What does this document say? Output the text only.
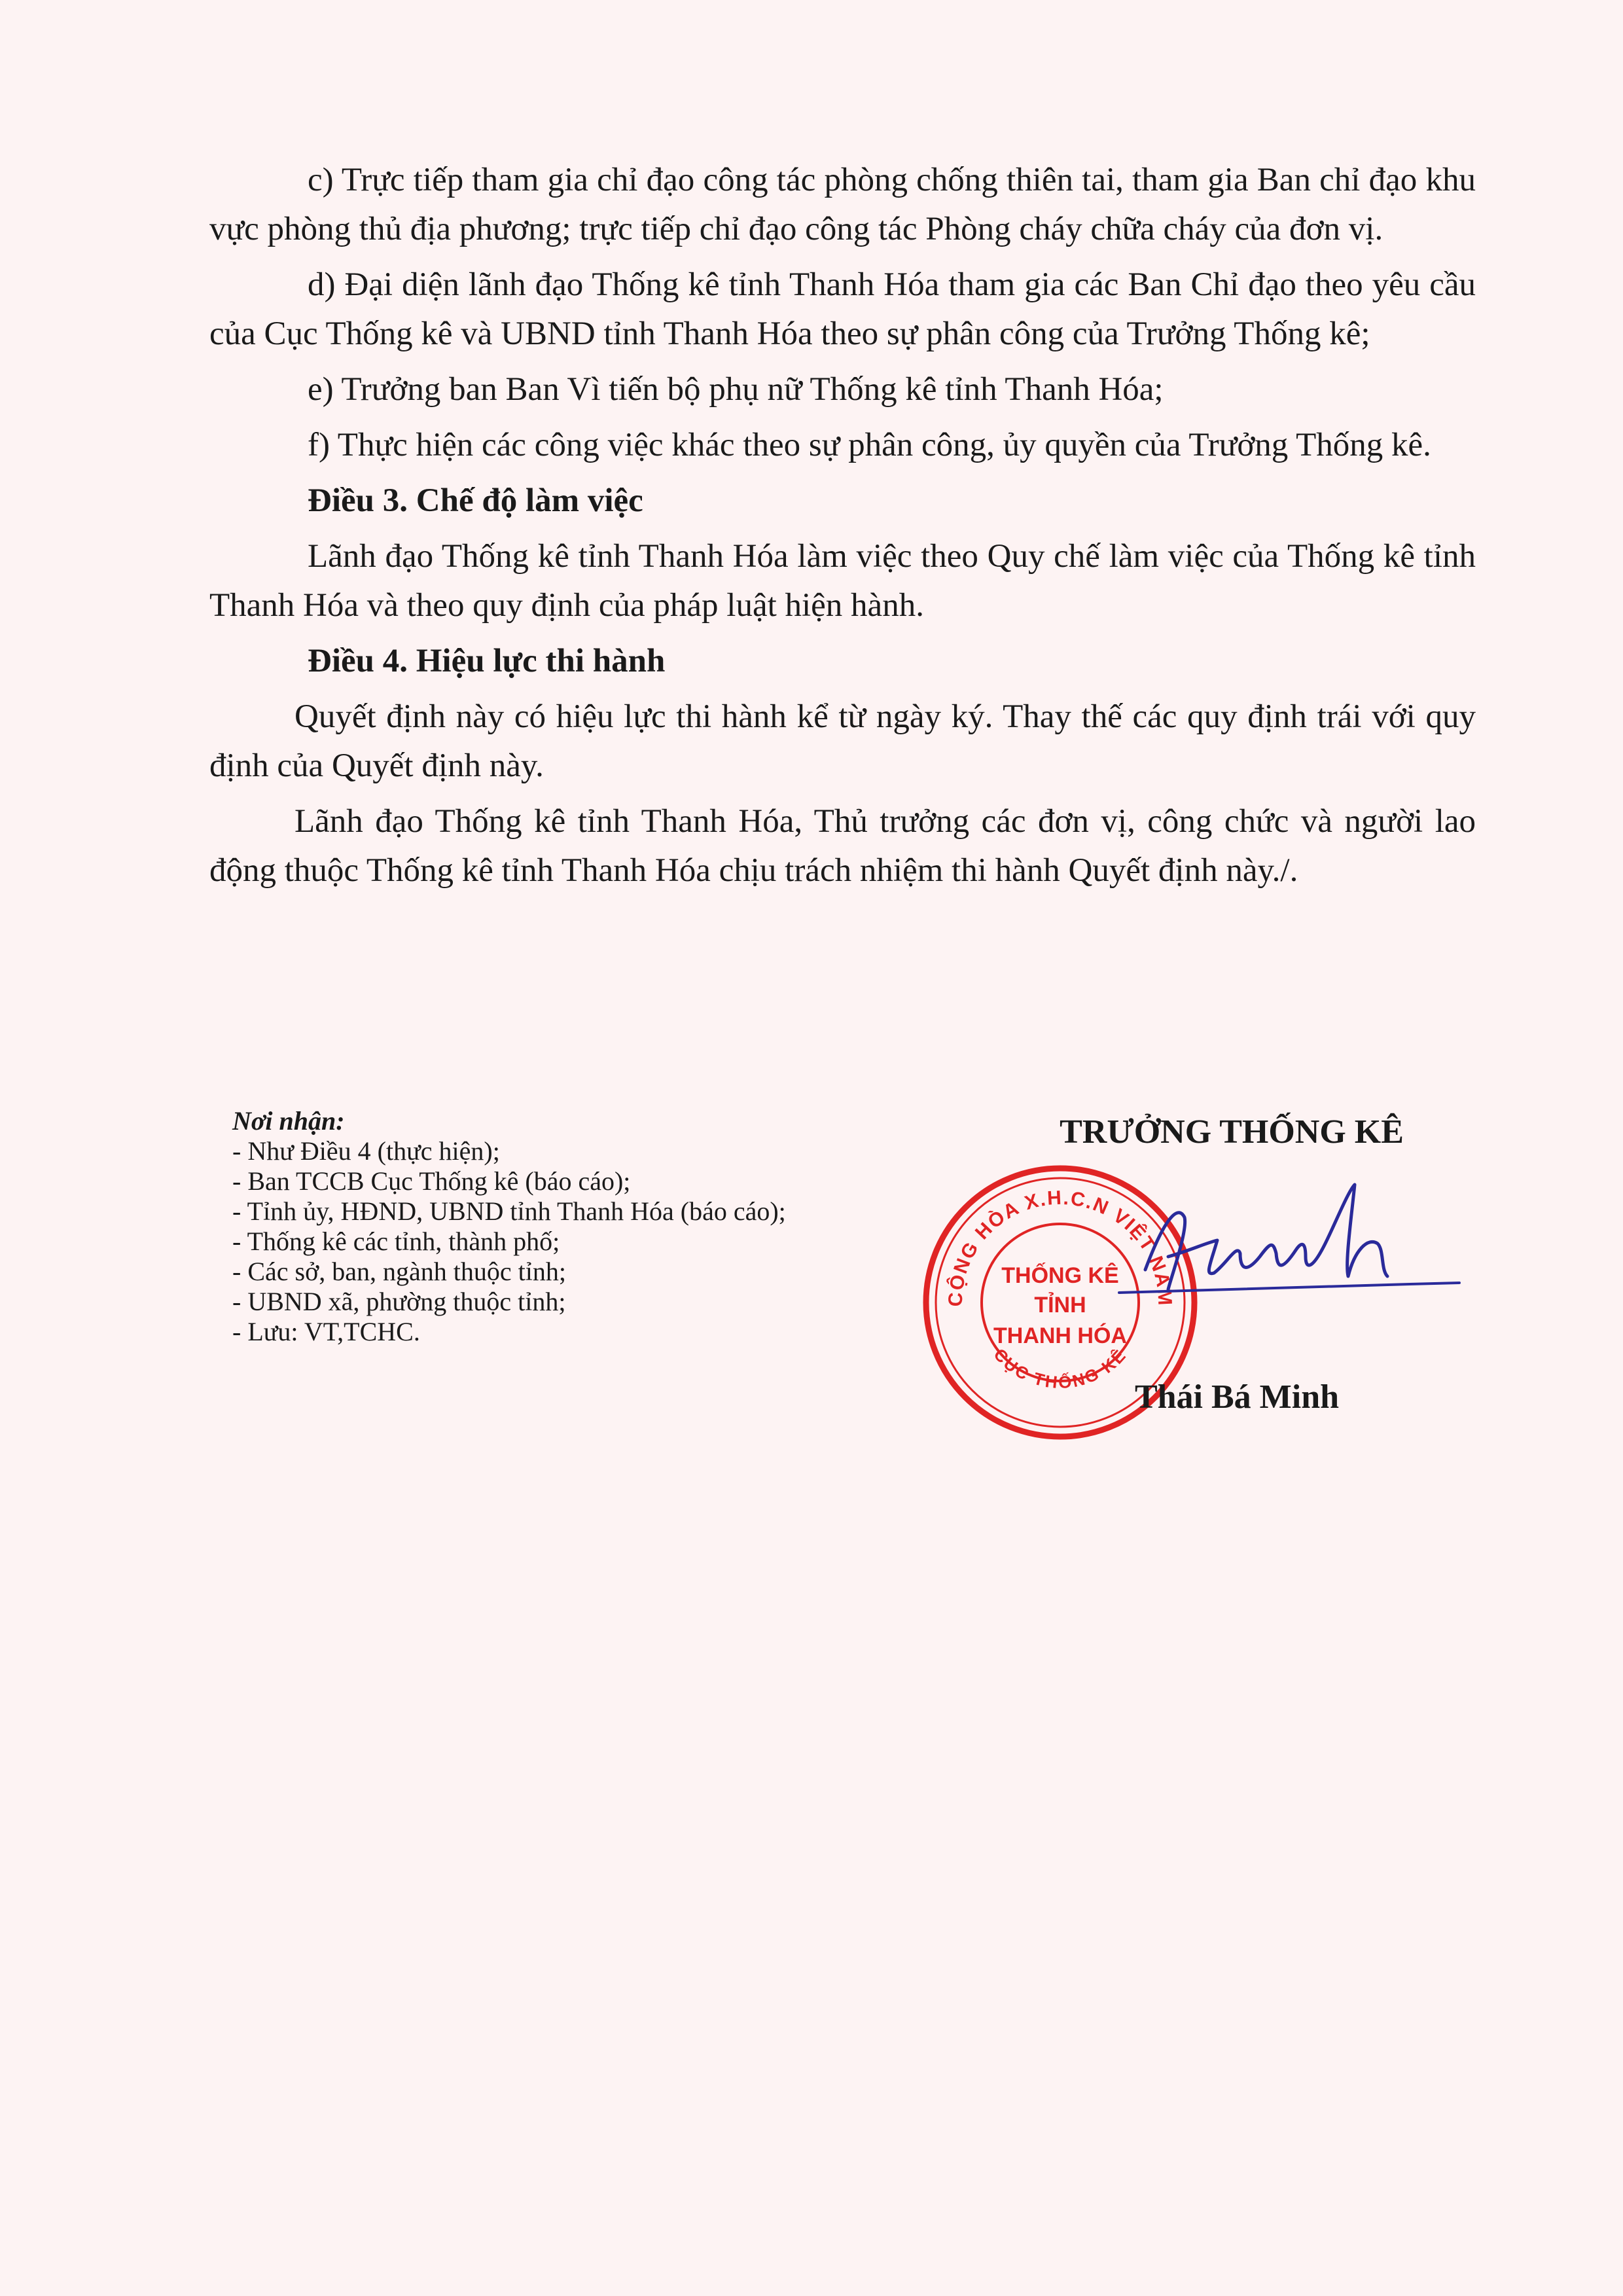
c) Trực tiếp tham gia chỉ đạo công tác phòng chống thiên tai, tham gia Ban chỉ đạo khu vực phòng thủ địa phương; trực tiếp chỉ đạo công tác Phòng cháy chữa cháy của đơn vị.

d) Đại diện lãnh đạo Thống kê tỉnh Thanh Hóa tham gia các Ban Chỉ đạo theo yêu cầu của Cục Thống kê và UBND tỉnh Thanh Hóa theo sự phân công của Trưởng Thống kê;

e) Trưởng ban Ban Vì tiến bộ phụ nữ Thống kê tỉnh Thanh Hóa;

f) Thực hiện các công việc khác theo sự phân công, ủy quyền của Trưởng Thống kê.

Điều 3. Chế độ làm việc

Lãnh đạo Thống kê tỉnh Thanh Hóa làm việc theo Quy chế làm việc của Thống kê tỉnh Thanh Hóa và theo quy định của pháp luật hiện hành.

Điều 4. Hiệu lực thi hành

Quyết định này có hiệu lực thi hành kể từ ngày ký. Thay thế các quy định trái với quy định của Quyết định này.

Lãnh đạo Thống kê tỉnh Thanh Hóa, Thủ trưởng các đơn vị, công chức và người lao động thuộc Thống kê tỉnh Thanh Hóa chịu trách nhiệm thi hành Quyết định này./.

Nơi nhận:
- Như Điều 4 (thực hiện);
- Ban TCCB Cục Thống kê (báo cáo);
- Tỉnh ủy, HĐND, UBND tỉnh Thanh Hóa (báo cáo);
- Thống kê các tỉnh, thành phố;
- Các sở, ban, ngành thuộc tỉnh;
- UBND xã, phường thuộc tỉnh;
- Lưu: VT,TCHC.
TRƯỞNG THỐNG KÊ
CỘNG HÒA X.H.C.N VIỆT NAM
CỤC THỐNG KÊ
THỐNG KÊ
TỈNH
THANH HÓA
Thái Bá Minh
